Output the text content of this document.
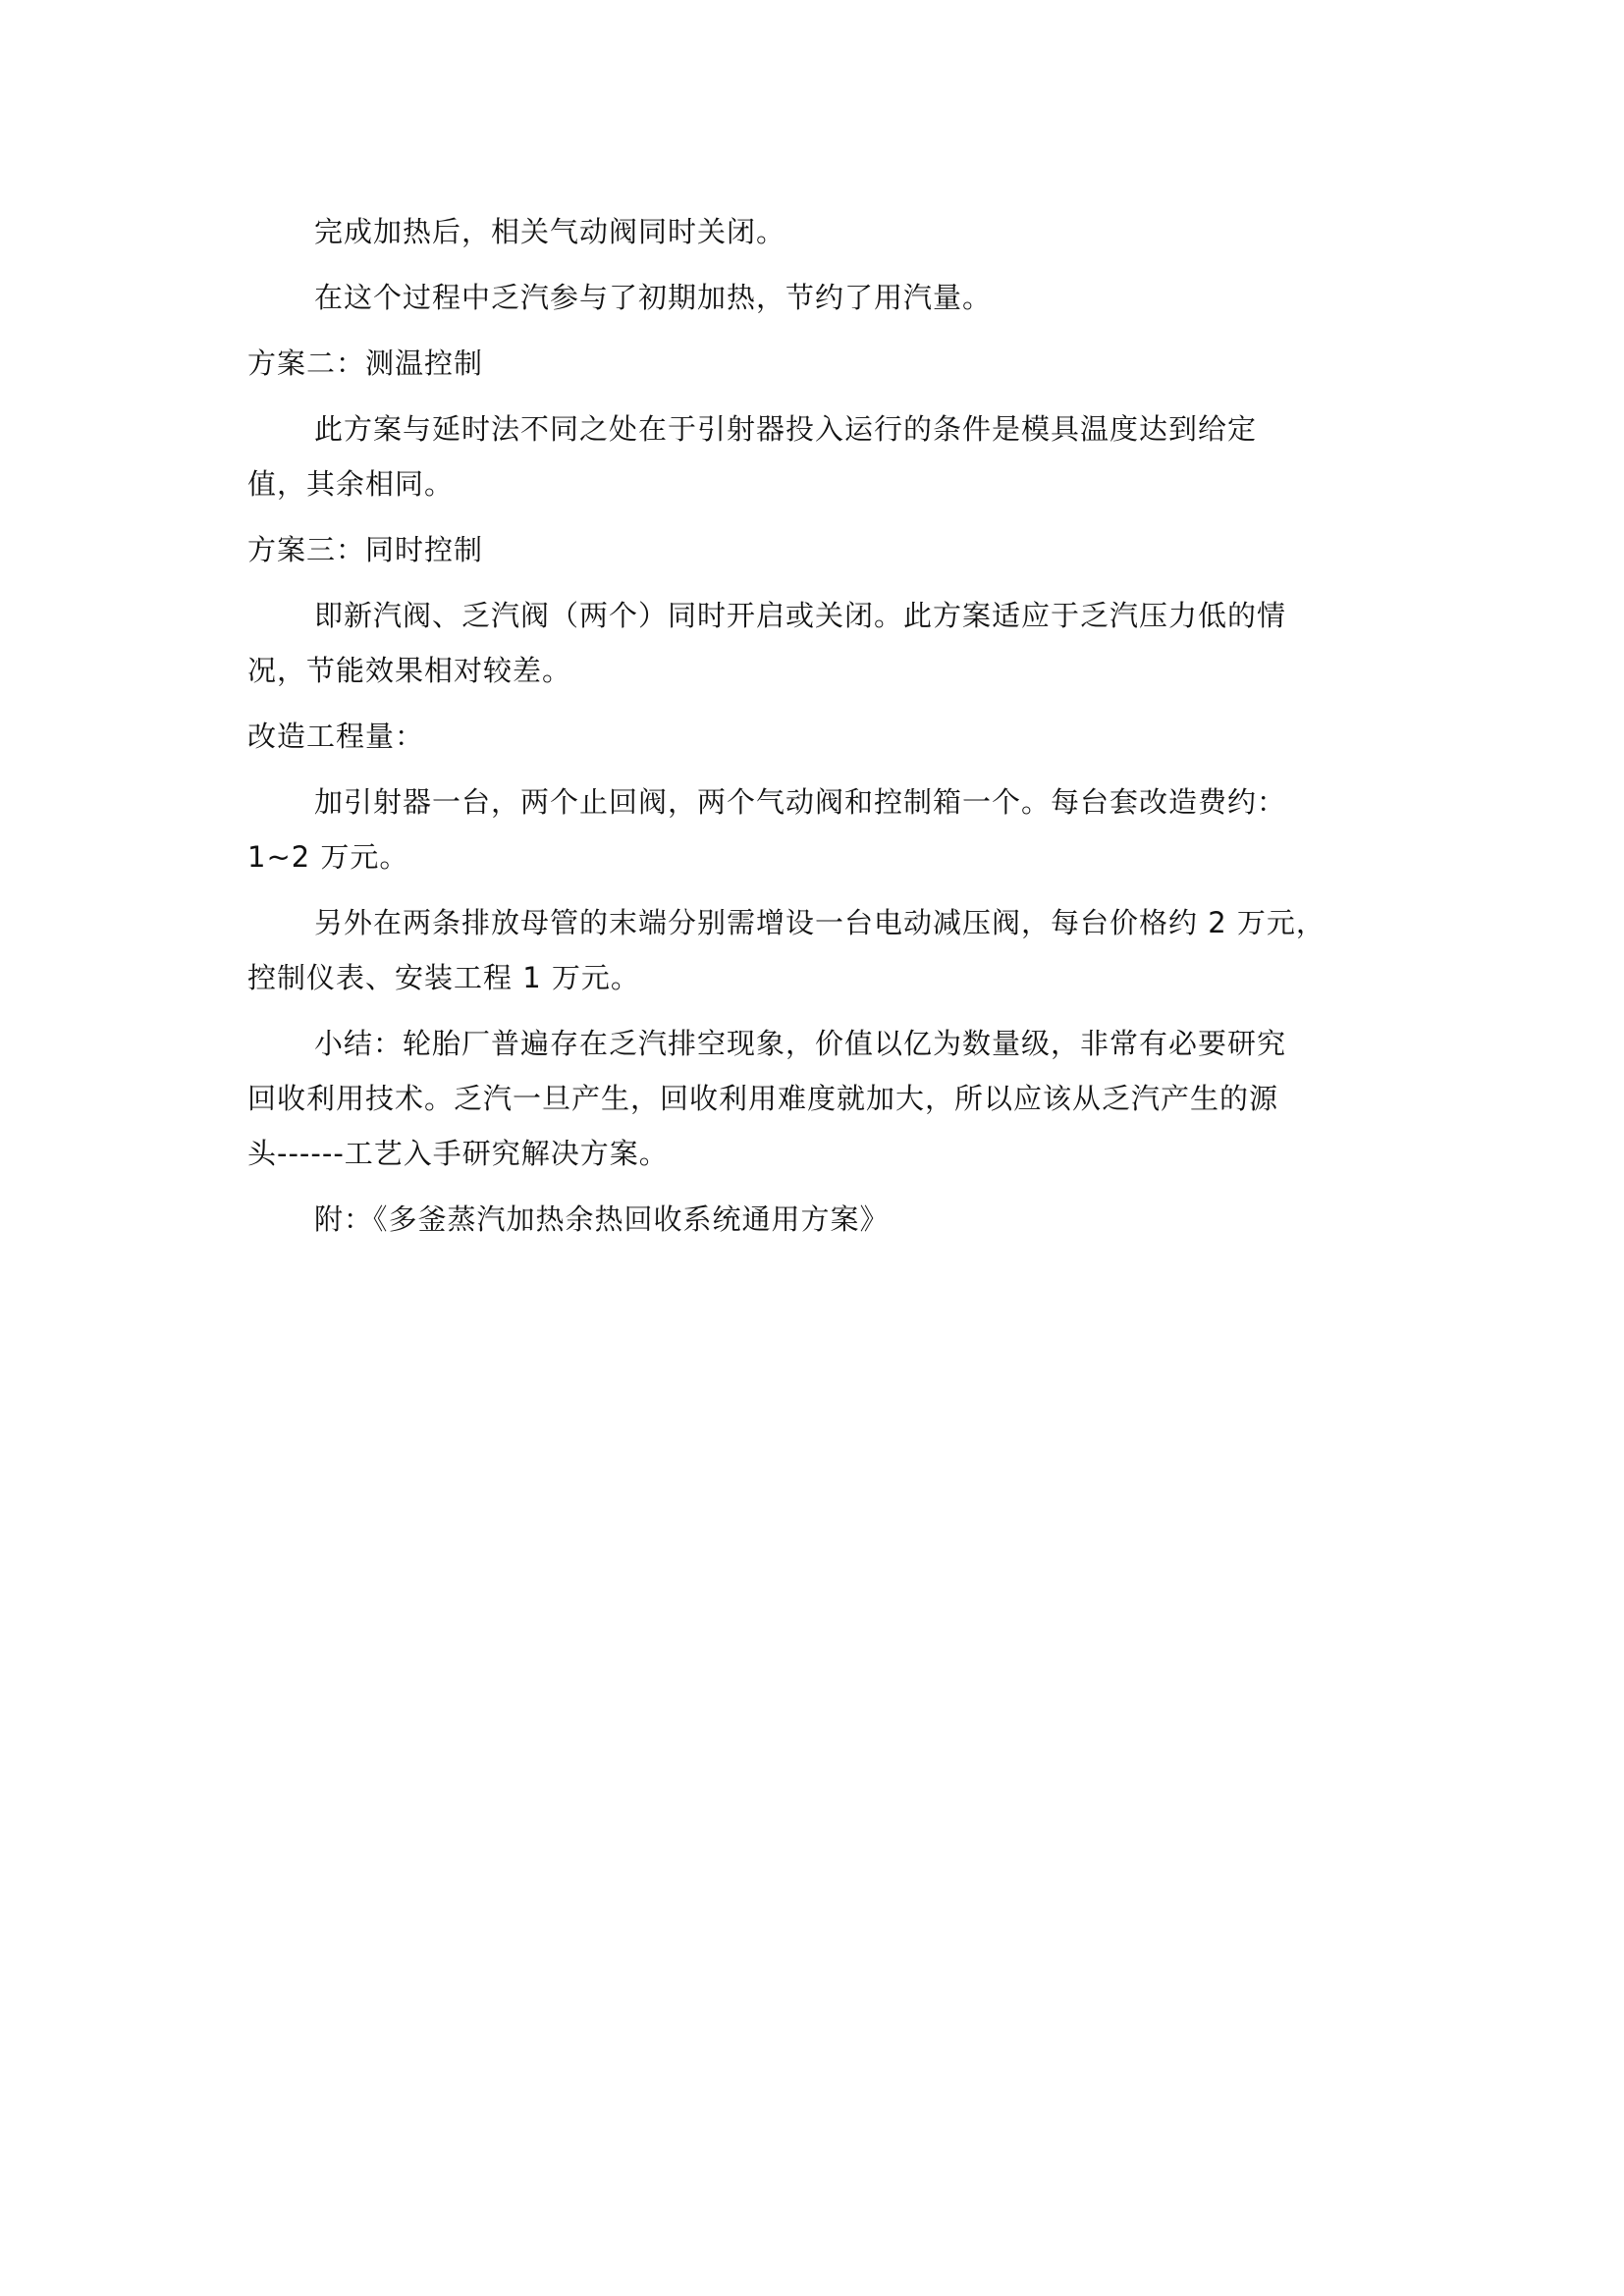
完成加热后，相关气动阀同时关闭。

在这个过程中乏汽参与了初期加热，节约了用汽量。

方案二：测温控制

此方案与延时法不同之处在于引射器投入运行的条件是模具温度达到给定
值，其余相同。

方案三：同时控制

即新汽阀、乏汽阀（两个）同时开启或关闭。此方案适应于乏汽压力低的情
况，节能效果相对较差。

改造工程量：

加引射器一台，两个止回阀，两个气动阀和控制箱一个。每台套改造费约：
1~2 万元。

另外在两条排放母管的末端分别需增设一台电动减压阀，每台价格约 2 万元，
控制仪表、安装工程 1 万元。

小结：轮胎厂普遍存在乏汽排空现象，价值以亿为数量级，非常有必要研究
回收利用技术。乏汽一旦产生，回收利用难度就加大，所以应该从乏汽产生的源
头------工艺入手研究解决方案。

附：《多釜蒸汽加热余热回收系统通用方案》
